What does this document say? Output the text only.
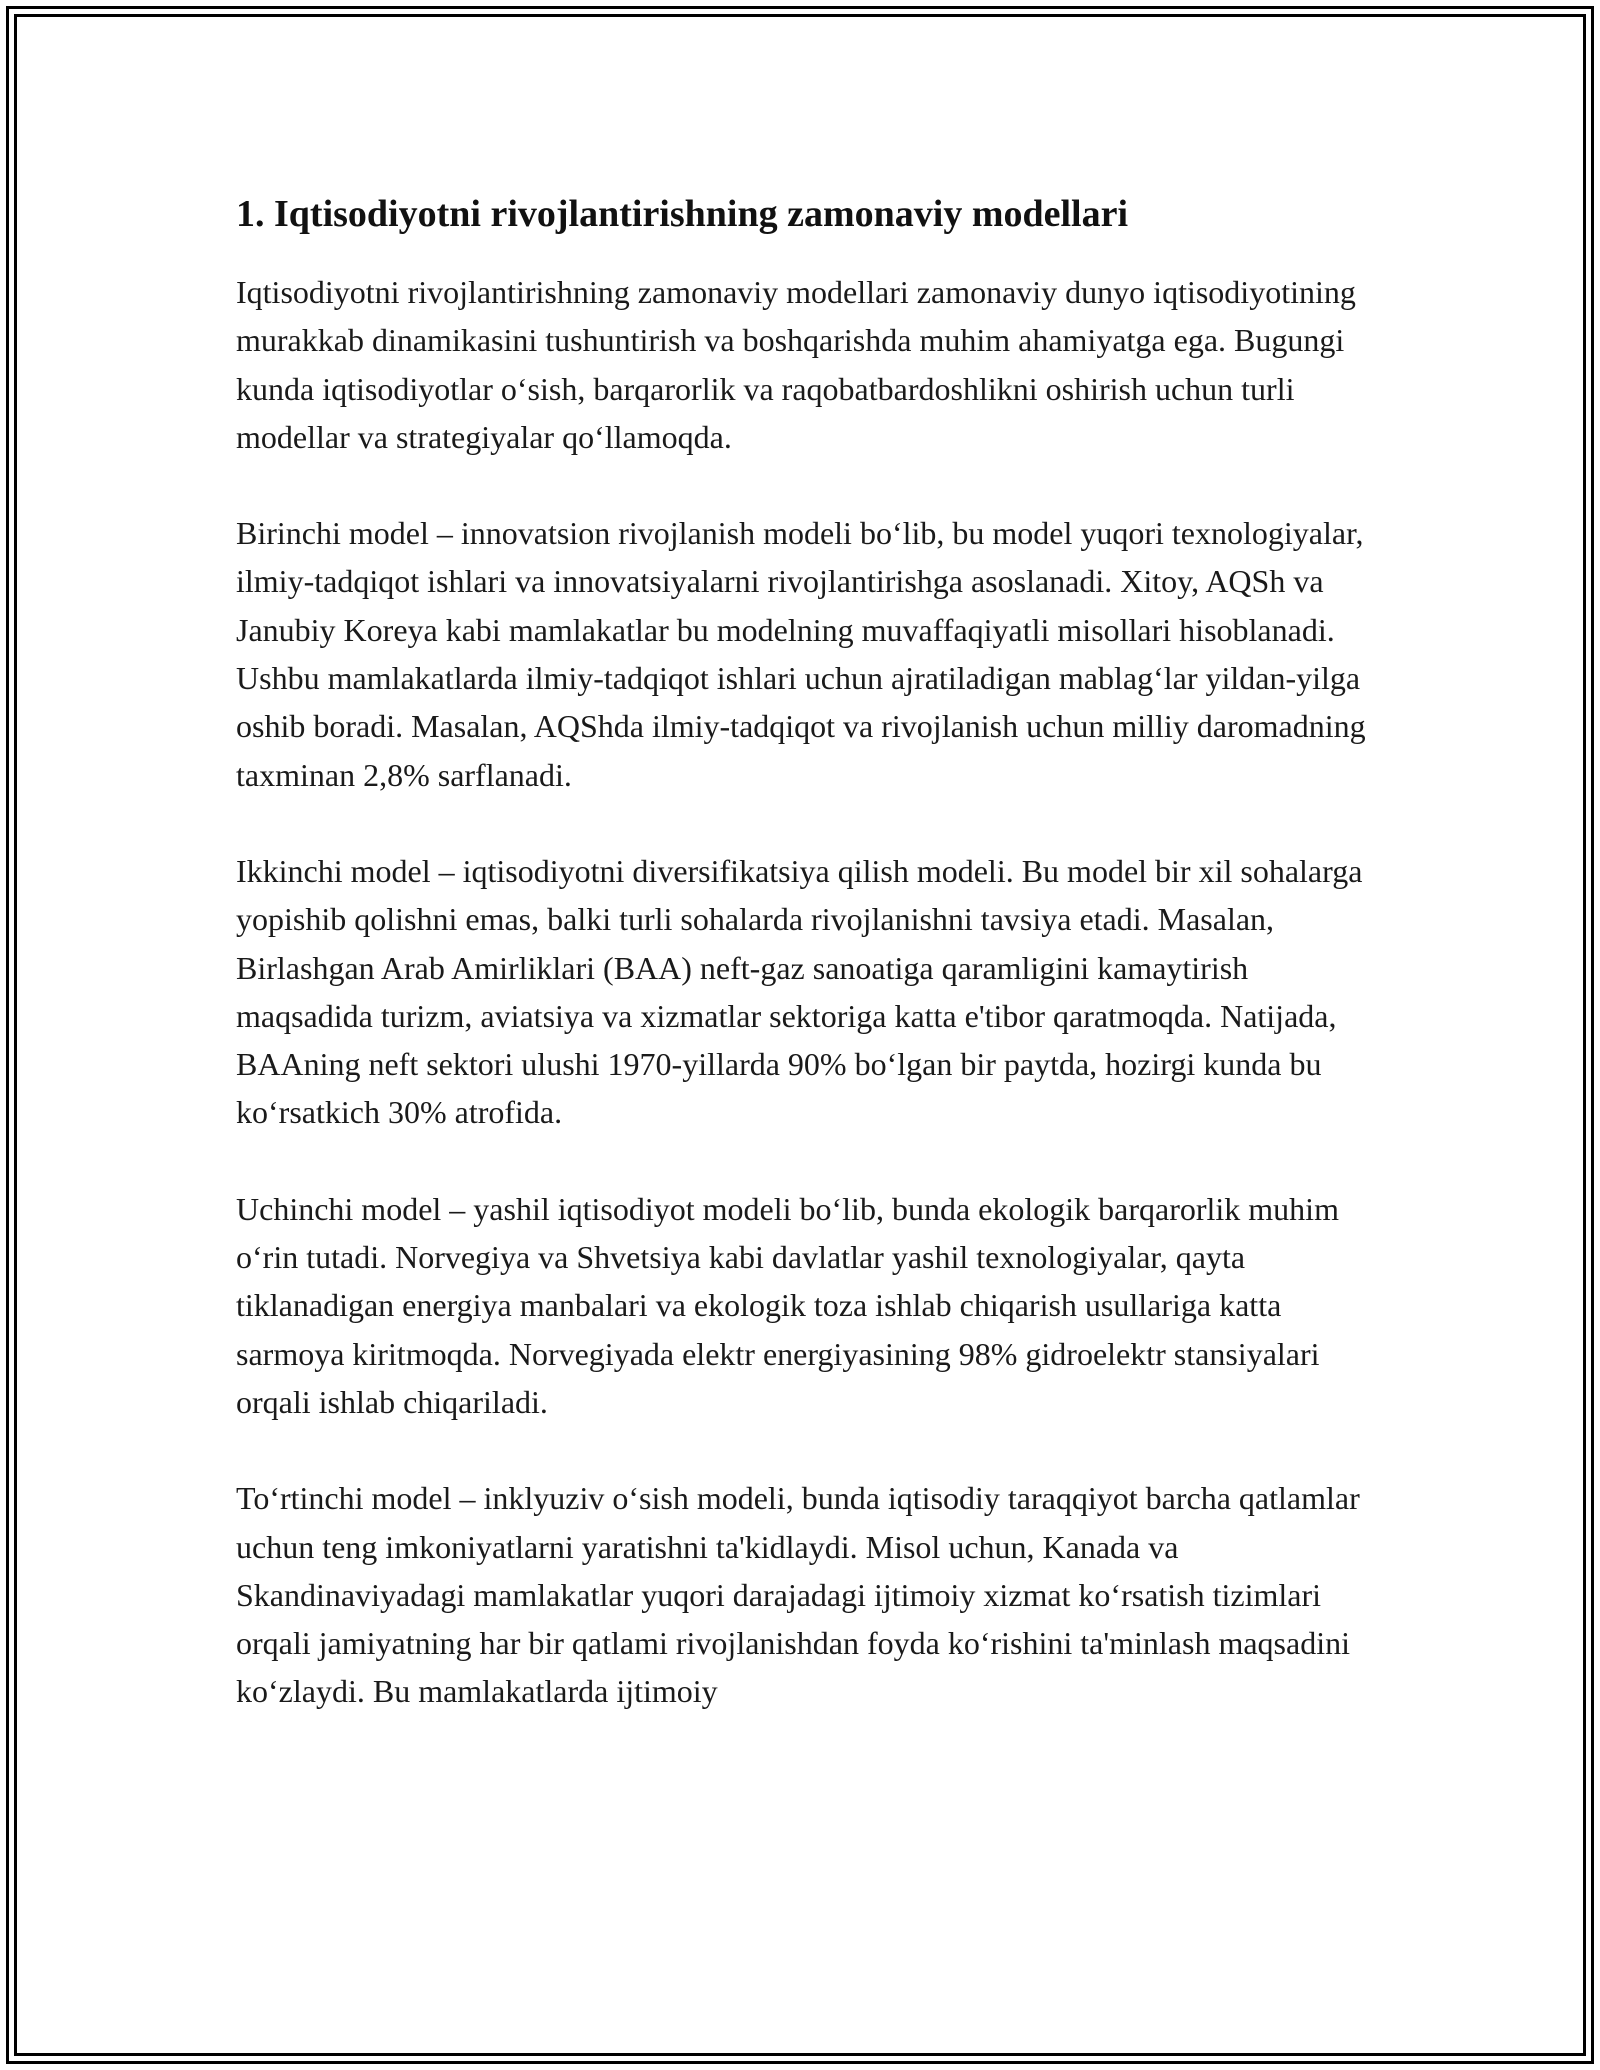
1. Iqtisodiyotni rivojlantirishning zamonaviy modellari

Iqtisodiyotni rivojlantirishning zamonaviy modellari zamonaviy dunyo iqtisodiyotining murakkab dinamikasini tushuntirish va boshqarishda muhim ahamiyatga ega. Bugungi kunda iqtisodiyotlar o‘sish, barqarorlik va raqobatbardoshlikni oshirish uchun turli modellar va strategiyalar qo‘llamoqda.

Birinchi model – innovatsion rivojlanish modeli bo‘lib, bu model yuqori texnologiyalar, ilmiy-tadqiqot ishlari va innovatsiyalarni rivojlantirishga asoslanadi. Xitoy, AQSh va Janubiy Koreya kabi mamlakatlar bu modelning muvaffaqiyatli misollari hisoblanadi. Ushbu mamlakatlarda ilmiy-tadqiqot ishlari uchun ajratiladigan mablag‘lar yildan-yilga oshib boradi. Masalan, AQShda ilmiy-tadqiqot va rivojlanish uchun milliy daromadning taxminan 2,8% sarflanadi.

Ikkinchi model – iqtisodiyotni diversifikatsiya qilish modeli. Bu model bir xil sohalarga yopishib qolishni emas, balki turli sohalarda rivojlanishni tavsiya etadi. Masalan, Birlashgan Arab Amirliklari (BAA) neft-gaz sanoatiga qaramligini kamaytirish maqsadida turizm, aviatsiya va xizmatlar sektoriga katta e'tibor qaratmoqda. Natijada, BAAning neft sektori ulushi 1970-yillarda 90% bo‘lgan bir paytda, hozirgi kunda bu ko‘rsatkich 30% atrofida.

Uchinchi model – yashil iqtisodiyot modeli bo‘lib, bunda ekologik barqarorlik muhim o‘rin tutadi. Norvegiya va Shvetsiya kabi davlatlar yashil texnologiyalar, qayta tiklanadigan energiya manbalari va ekologik toza ishlab chiqarish usullariga katta sarmoya kiritmoqda. Norvegiyada elektr energiyasining 98% gidroelektr stansiyalari orqali ishlab chiqariladi.

To‘rtinchi model – inklyuziv o‘sish modeli, bunda iqtisodiy taraqqiyot barcha qatlamlar uchun teng imkoniyatlarni yaratishni ta'kidlaydi. Misol uchun, Kanada va Skandinaviyadagi mamlakatlar yuqori darajadagi ijtimoiy xizmat ko‘rsatish tizimlari orqali jamiyatning har bir qatlami rivojlanishdan foyda ko‘rishini ta'minlash maqsadini ko‘zlaydi. Bu mamlakatlarda ijtimoiy
